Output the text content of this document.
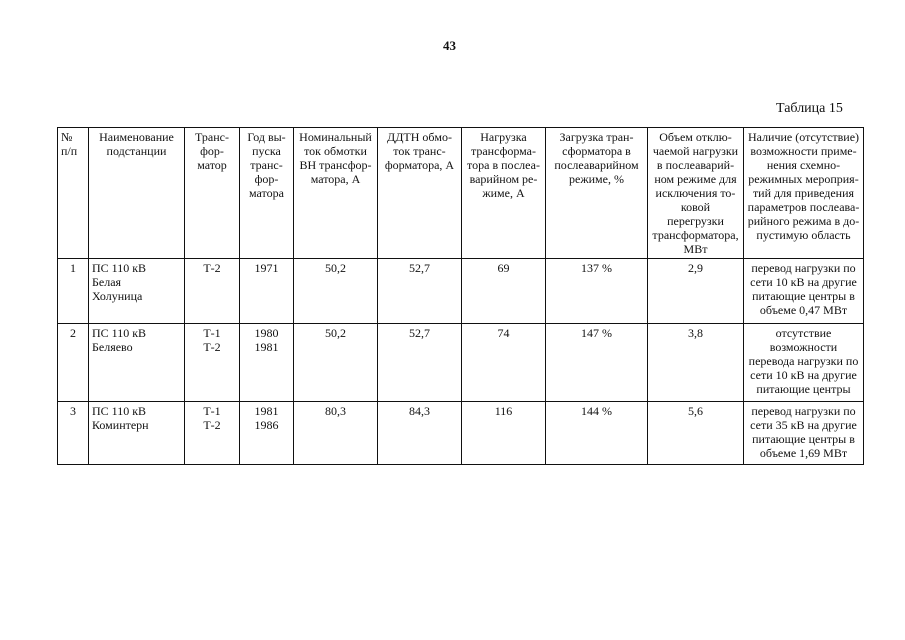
43
Таблица 15
№ п/п	Наименование подстанции	Транс-фор-матор	Год вы-пуска транс-фор-матора	Номинальный ток обмотки ВН трансфор-матора, А	ДДТН обмо-ток транс-форматора, А	Нагрузка трансформа-тора в послеа-варийном ре-жиме, А	Загрузка тран-сформатора в послеаварийном режиме, %	Объем отклю-чаемой нагрузки в послеаварий-ном режиме для исключения то-ковой перегрузки трансформатора, МВт	Наличие (отсутствие) возможности приме-нения схемно-режимных мероприя-тий для приведения параметров послеава-рийного режима в до-пустимую область
1	ПС 110 кВ
Белая
Холуница	Т-2	1971	50,2	52,7	69	137 %	2,9	перевод нагрузки по сети 10 кВ на другие питающие центры в объеме 0,47 МВт
2	ПС 110 кВ
Беляево	Т-1
Т-2	1980
1981	50,2	52,7	74	147 %	3,8	отсутствие возможности перевода нагрузки по сети 10 кВ на другие питающие центры
3	ПС 110 кВ
Коминтерн	Т-1
Т-2	1981
1986	80,3	84,3	116	144 %	5,6	перевод нагрузки по сети 35 кВ на другие питающие центры в объеме 1,69 МВт
